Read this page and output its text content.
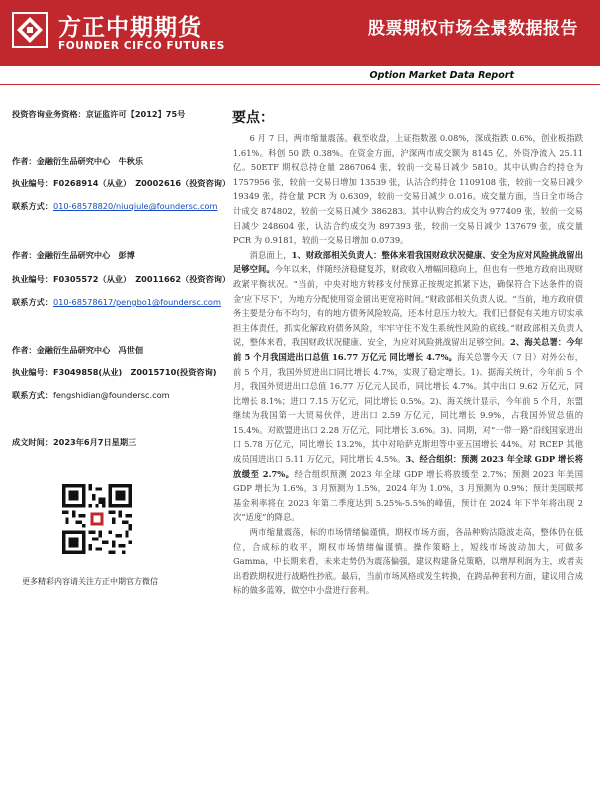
方正中期期货
FOUNDER CIFCO FUTURES
股票期权市场全景数据报告
Option Market Data Report
投资咨询业务资格：京证监许可【2012】75号
作者：金融衍生品研究中心　牛秋乐
执业编号：F0268914（从业）　Z0002616（投资咨询）
联系方式：010-68578820/niuqiule@foundersc.com
作者：金融衍生品研究中心　彭博
执业编号：F0305572（从业）　Z0011662（投资咨询）
联系方式：010-68578617/pengbo1@foundersc.com
作者：金融衍生品研究中心　冯世佃
执业编号：F3049858(从业)　Z0015710(投资咨询)
联系方式：fengshidian@foundersc.com
成文时间：2023年6月7日星期三
更多精彩内容请关注方正中期官方微信
要点：

6 月 7 日，两市缩量震荡。截至收盘，上证指数涨 0.08%，深成指跌 0.6%，创业板指跌 1.61%。科创 50 跌 0.38%。在资金方面，沪深两市成交额为 8145 亿，外资净流入 25.11 亿。50ETF 期权总持仓量 2867064 张，较前一交易日减少 5810。其中认购合约持仓为 1757956 张，较前一交易日增加 13539 张，认沽合约持仓 1109108 张，较前一交易日减少 19349 张，持仓量 PCR 为 0.6309，较前一交易日减少 0.016。成交量方面，当日全市场合计成交 874802，较前一交易日减少 386283。其中认购合约成交为 977409 张，较前一交易日减少 248604 张，认沽合约成交为 897393 张，较前一交易日减少 137679 张，成交量 PCR 为 0.9181，较前一交易日增加 0.0739。

消息面上，1、财政部相关负责人：整体来看我国财政状况健康、安全为应对风险挑战留出足够空间。今年以来，伴随经济稳健复苏，财政收入增幅回稳向上，但也有一些地方政府出现财政紧平衡状况。“当前，中央对地方转移支付预算正按规定抓紧下达，确保符合下达条件的资金‘应下尽下’，为地方分配使用资金留出更宽裕时间。”财政部相关负责人说。“当前，地方政府债务主要是分布不均匀，有的地方债务风险较高，还本付息压力较大。我们已督促有关地方切实承担主体责任，抓实化解政府债务风险，牢牢守住不发生系统性风险的底线。”财政部相关负责人说，整体来看，我国财政状况健康、安全，为应对风险挑战留出足够空间。2、海关总署：今年前 5 个月我国进出口总值 16.77 万亿元 同比增长 4.7%。海关总署今天（7 日）对外公布，前 5 个月，我国外贸进出口同比增长 4.7%，实现了稳定增长。1)、据海关统计，今年前 5 个月，我国外贸进出口总值 16.77 万亿元人民币，同比增长 4.7%。其中出口 9.62 万亿元，同比增长 8.1%；进口 7.15 万亿元，同比增长 0.5%。2)、海关统计显示，今年前 5 个月，东盟继续为我国第一大贸易伙伴，进出口 2.59 万亿元，同比增长 9.9%，占我国外贸总值的 15.4%。对欧盟进出口 2.28 万亿元，同比增长 3.6%。3)、同期，对“一带一路”沿线国家进出口 5.78 万亿元，同比增长 13.2%，其中对哈萨克斯坦等中亚五国增长 44%。对 RCEP 其他成员国进出口 5.11 万亿元，同比增长 4.5%。3、经合组织：预测 2023 年全球 GDP 增长将放缓至 2.7%。经合组织预测 2023 年全球 GDP 增长将放缓至 2.7%；预测 2023 年美国 GDP 增长为 1.6%，3 月预测为 1.5%，2024 年为 1.0%，3 月预测为 0.9%；预计美国联邦基金利率将在 2023 年第二季度达到 5.25%-5.5%的峰值，预计在 2024 年下半年将出现 2 次“适度”的降息。

两市缩量震荡，标的市场情绪偏谨慎。期权市场方面，各品种购沽隐波走高，整体仍在低位，合成标的收平，期权市场情绪偏谨慎。操作策略上，短线市场波动加大，可做多 Gamma，中长期来看，未来走势仍为震荡偏强，建议构建备兑策略，以增厚利润为主，或者卖出看跌期权进行战略性抄底。最后，当前市场风格或发生转换，在跨品种套利方面，建议用合成标的做多蓝筹，做空中小盘进行套利。
